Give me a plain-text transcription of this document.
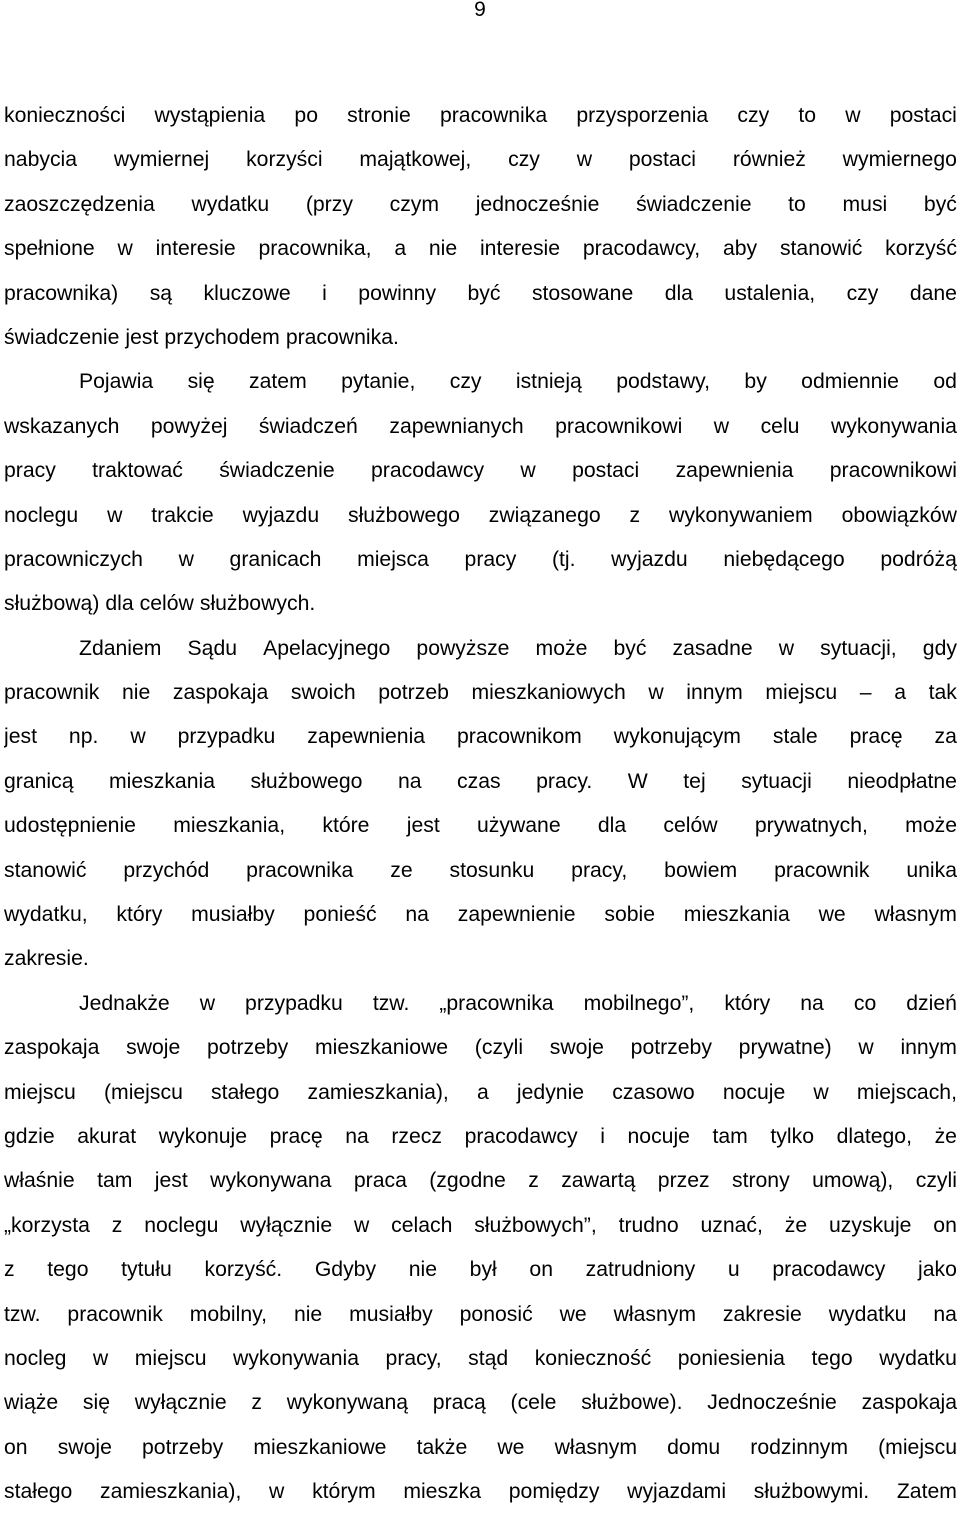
9
konieczności wystąpienia po stronie pracownika przysporzenia czy to w postaci
nabycia wymiernej korzyści majątkowej, czy w postaci również wymiernego
zaoszczędzenia wydatku (przy czym jednocześnie świadczenie to musi być
spełnione w interesie pracownika, a nie interesie pracodawcy, aby stanowić korzyść
pracownika) są kluczowe i powinny być stosowane dla ustalenia, czy dane
świadczenie jest przychodem pracownika.
Pojawia się zatem pytanie, czy istnieją podstawy, by odmiennie od
wskazanych powyżej świadczeń zapewnianych pracownikowi w celu wykonywania
pracy traktować świadczenie pracodawcy w postaci zapewnienia pracownikowi
noclegu w trakcie wyjazdu służbowego związanego z wykonywaniem obowiązków
pracowniczych w granicach miejsca pracy (tj. wyjazdu niebędącego podróżą
służbową) dla celów służbowych.
Zdaniem Sądu Apelacyjnego powyższe może być zasadne w sytuacji, gdy
pracownik nie zaspokaja swoich potrzeb mieszkaniowych w innym miejscu – a tak
jest np. w przypadku zapewnienia pracownikom wykonującym stale pracę za
granicą mieszkania służbowego na czas pracy. W tej sytuacji nieodpłatne
udostępnienie mieszkania, które jest używane dla celów prywatnych, może
stanowić przychód pracownika ze stosunku pracy, bowiem pracownik unika
wydatku, który musiałby ponieść na zapewnienie sobie mieszkania we własnym
zakresie.
Jednakże w przypadku tzw. „pracownika mobilnego”, który na co dzień
zaspokaja swoje potrzeby mieszkaniowe (czyli swoje potrzeby prywatne) w innym
miejscu (miejscu stałego zamieszkania), a jedynie czasowo nocuje w miejscach,
gdzie akurat wykonuje pracę na rzecz pracodawcy i nocuje tam tylko dlatego, że
właśnie tam jest wykonywana praca (zgodne z zawartą przez strony umową), czyli
„korzysta z noclegu wyłącznie w celach służbowych”, trudno uznać, że uzyskuje on
z tego tytułu korzyść. Gdyby nie był on zatrudniony u pracodawcy jako
tzw. pracownik mobilny, nie musiałby ponosić we własnym zakresie wydatku na
nocleg w miejscu wykonywania pracy, stąd konieczność poniesienia tego wydatku
wiąże się wyłącznie z wykonywaną pracą (cele służbowe). Jednocześnie zaspokaja
on swoje potrzeby mieszkaniowe także we własnym domu rodzinnym (miejscu
stałego zamieszkania), w którym mieszka pomiędzy wyjazdami służbowymi. Zatem
